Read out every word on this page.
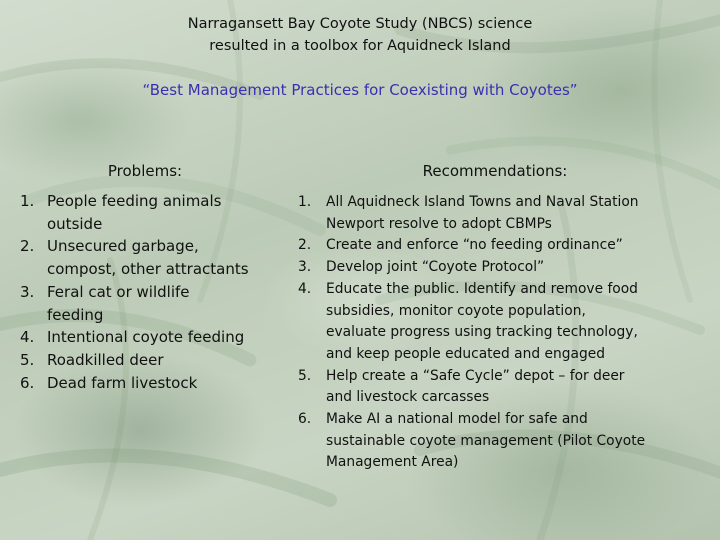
Narragansett Bay Coyote Study (NBCS) science
resulted in a toolbox for Aquidneck Island
“Best Management Practices for Coexisting with Coyotes”
Problems:	Recommendations:
1. People feeding animals
outside
2. Unsecured garbage,
compost, other attractants
3. Feral cat or wildlife
feeding
4. Intentional coyote feeding
5. Roadkilled deer
6. Dead farm livestock
1. All Aquidneck Island Towns and Naval Station
Newport resolve to adopt CBMPs
2. Create and enforce “no feeding ordinance”
3. Develop joint “Coyote Protocol”
4. Educate the public. Identify and remove food
subsidies, monitor coyote population,
evaluate progress using tracking technology,
and keep people educated and engaged
5. Help create a “Safe Cycle” depot – for deer
and livestock carcasses
6. Make AI a national model for safe and
sustainable coyote management (Pilot Coyote
Management Area)
